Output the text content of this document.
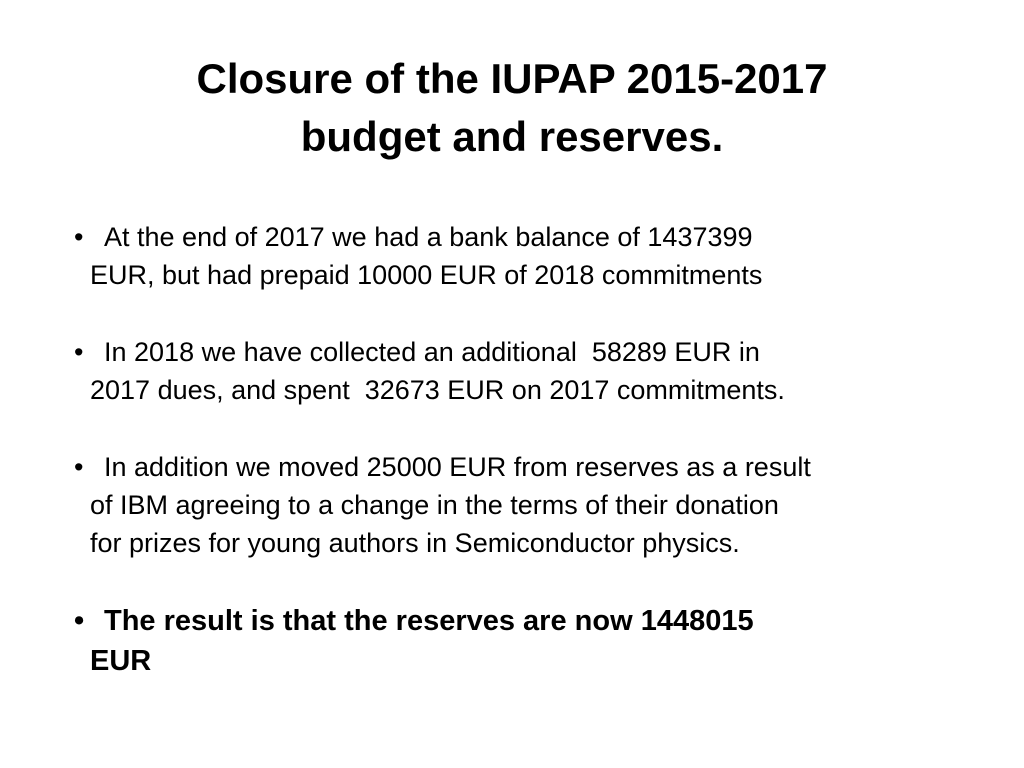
Closure of the IUPAP 2015-2017
budget and reserves.
• At the end of 2017 we had a bank balance of 1437399
EUR, but had prepaid 10000 EUR of 2018 commitments
• In 2018 we have collected an additional  58289 EUR in
2017 dues, and spent  32673 EUR on 2017 commitments.
• In addition we moved 25000 EUR from reserves as a result
of IBM agreeing to a change in the terms of their donation
for prizes for young authors in Semiconductor physics.
• The result is that the reserves are now 1448015
EUR
